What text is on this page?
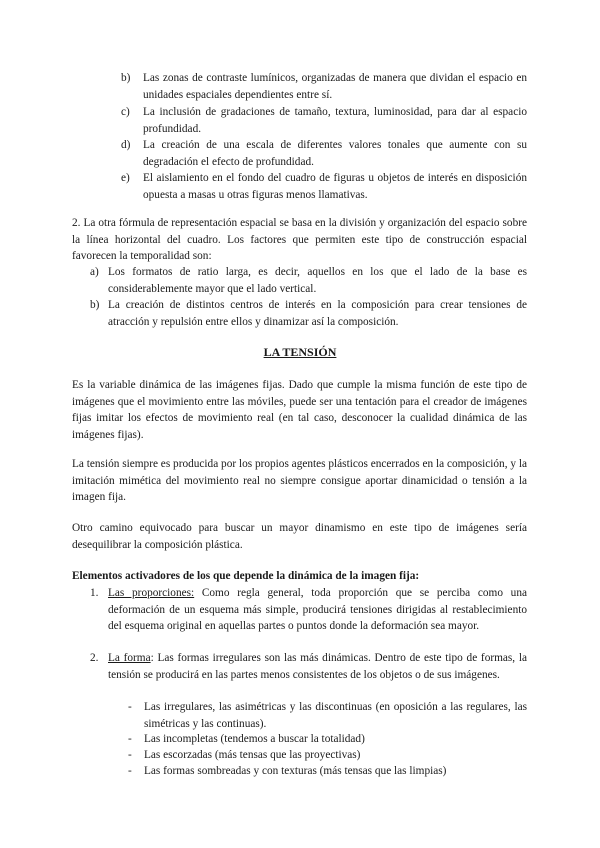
b) Las zonas de contraste lumínicos, organizadas de manera que dividan el espacio en unidades espaciales dependientes entre sí.
c) La inclusión de gradaciones de tamaño, textura, luminosidad, para dar al espacio profundidad.
d) La creación de una escala de diferentes valores tonales que aumente con su degradación el efecto de profundidad.
e) El aislamiento en el fondo del cuadro de figuras u objetos de interés en disposición opuesta a masas u otras figuras menos llamativas.
2. La otra fórmula de representación espacial se basa en la división y organización del espacio sobre la línea horizontal del cuadro. Los factores que permiten este tipo de construcción espacial favorecen la temporalidad son:
a) Los formatos de ratio larga, es decir, aquellos en los que el lado de la base es considerablemente mayor que el lado vertical.
b) La creación de distintos centros de interés en la composición para crear tensiones de atracción y repulsión entre ellos y dinamizar así la composición.
LA TENSIÓN
Es la variable dinámica de las imágenes fijas. Dado que cumple la misma función de este tipo de imágenes que el movimiento entre las móviles, puede ser una tentación para el creador de imágenes fijas imitar los efectos de movimiento real (en tal caso, desconocer la cualidad dinámica de las imágenes fijas).
La tensión siempre es producida por los propios agentes plásticos encerrados en la composición, y la imitación mimética del movimiento real no siempre consigue aportar dinamicidad o tensión a la imagen fija.
Otro camino equivocado para buscar un mayor dinamismo en este tipo de imágenes sería desequilibrar la composición plástica.
Elementos activadores de los que depende la dinámica de la imagen fija:
1. Las proporciones: Como regla general, toda proporción que se perciba como una deformación de un esquema más simple, producirá tensiones dirigidas al restablecimiento del esquema original en aquellas partes o puntos donde la deformación sea mayor.
2. La forma: Las formas irregulares son las más dinámicas. Dentro de este tipo de formas, la tensión se producirá en las partes menos consistentes de los objetos o de sus imágenes.
- Las irregulares, las asimétricas y las discontinuas (en oposición a las regulares, las simétricas y las continuas).
- Las incompletas (tendemos a buscar la totalidad)
- Las escorzadas (más tensas que las proyectivas)
- Las formas sombreadas y con texturas (más tensas que las limpias)
